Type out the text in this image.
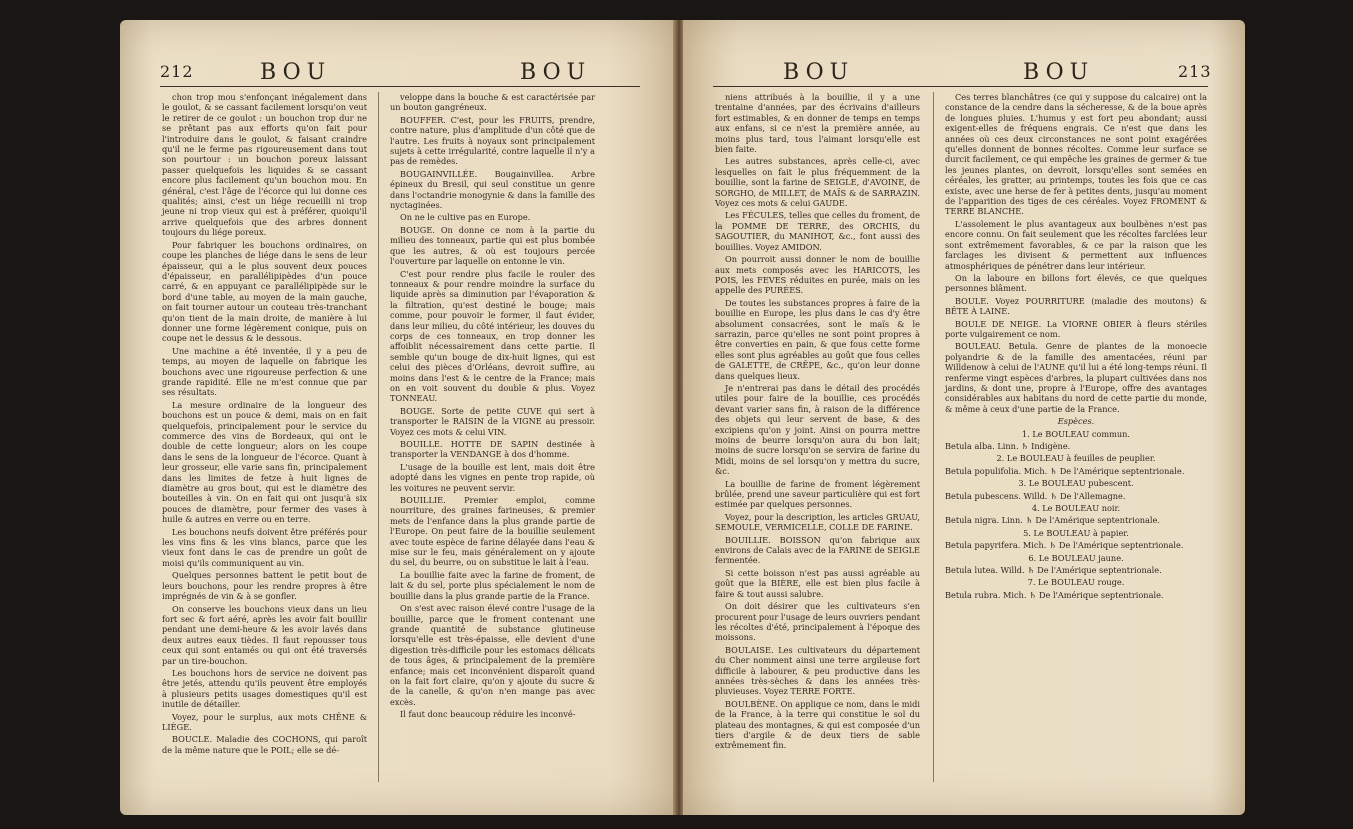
212	BOU	BOU

chon trop mou s'enfonçant inégalement dans le goulot, & se cassant facilement lorsqu'on veut le retirer de ce goulot : un bouchon trop dur ne se prêtant pas aux efforts qu'on fait pour l'introduire dans le goulot, & faisant craindre qu'il ne le ferme pas rigoureusement dans tout son pourtour : un bouchon poreux laissant passer quelquefois les liquides & se cassant encore plus facilement qu'un bouchon mou. En général, c'est l'âge de l'écorce qui lui donne ces qualités; ainsi, c'est un liége recueilli ni trop jeune ni trop vieux qui est à préférer, quoiqu'il arrive quelquefois que des arbres donnent toujours du liége poreux.

Pour fabriquer les bouchons ordinaires, on coupe les planches de liége dans le sens de leur épaisseur, qui a le plus souvent deux pouces d'épaisseur, en parallélipipèdes d'un pouce carré, & en appuyant ce parallélipipède sur le bord d'une table, au moyen de la main gauche, on fait tourner autour un couteau très-tranchant qu'on tient de la main droite, de manière à lui donner une forme légèrement conique, puis on coupe net le dessus & le dessous.

Une machine a été inventée, il y a peu de temps, au moyen de laquelle on fabrique les bouchons avec une rigoureuse perfection & une grande rapidité. Elle ne m'est connue que par ses résultats.

La mesure ordinaire de la longueur des bouchons est un pouce & demi, mais on en fait quelquefois, principalement pour le service du commerce des vins de Bordeaux, qui ont le double de cette longueur; alors on les coupe dans le sens de la longueur de l'écorce. Quant à leur grosseur, elle varie sans fin, principalement dans les limites de fetze à huit lignes de diamètre au gros bout, qui est le diamètre des bouteilles à vin. On en fait qui ont jusqu'à six pouces de diamètre, pour fermer des vases à huile & autres en verre ou en terre.

Les bouchons neufs doivent être préférés pour les vins fins & les vins blancs, parce que les vieux font dans le cas de prendre un goût de moisi qu'ils communiquent au vin.

Quelques personnes battent le petit bout de leurs bouchons, pour les rendre propres à être imprégnés de vin & à se gonfler.

On conserve les bouchons vieux dans un lieu fort sec & fort aéré, après les avoir fait bouillir pendant une demi-heure & les avoir lavés dans deux autres eaux tièdes. Il faut repousser tous ceux qui sont entamés ou qui ont été traversés par un tire-bouchon.

Les bouchons hors de service ne doivent pas être jetés, attendu qu'ils peuvent être employés à plusieurs petits usages domestiques qu'il est inutile de détailler.

Voyez, pour le surplus, aux mots CHÊNE & LIÉGE.

BOUCLE. Maladie des COCHONS, qui paroît de la même nature que le POIL; elle se dé-

veloppe dans la bouche & est caractérisée par un bouton gangréneux.

BOUFFER. C'est, pour les FRUITS, prendre, contre nature, plus d'amplitude d'un côté que de l'autre. Les fruits à noyaux sont principalement sujets à cette irrégularité, contre laquelle il n'y a pas de remèdes.

BOUGAINVILLÉE. Bougainvillea. Arbre épineux du Bresil, qui seul constitue un genre dans l'octandrie monogynie & dans la famille des nyctaginées.

On ne le cultive pas en Europe.

BOUGE. On donne ce nom à la partie du milieu des tonneaux, partie qui est plus bombée que les autres, & où est toujours percée l'ouverture par laquelle on entonne le vin.

C'est pour rendre plus facile le rouler des tonneaux & pour rendre moindre la surface du liquide après sa diminution par l'évaporation & la filtration, qu'est destiné le bouge; mais comme, pour pouvoir le former, il faut évider, dans leur milieu, du côté intérieur, les douves du corps de ces tonneaux, en trop donner les affoiblit nécessairement dans cette partie. Il semble qu'un bouge de dix-huit lignes, qui est celui des pièces d'Orléans, devroit suffire, au moins dans l'est & le centre de la France; mais on en voit souvent du double & plus. Voyez TONNEAU.

BOUGE. Sorte de petite CUVE qui sert à transporter le RAISIN de la VIGNE au pressoir. Voyez ces mots & celui VIN.

BOUILLE. HOTTE DE SAPIN destinée à transporter la VENDANGE à dos d'homme.

L'usage de la bouille est lent, mais doit être adopté dans les vignes en pente trop rapide, où les voitures ne peuvent servir.

BOUILLIE. Premier emploi, comme nourriture, des graines farineuses, & premier mets de l'enfance dans la plus grande partie de l'Europe. On peut faire de la bouillie seulement avec toute espèce de farine délayée dans l'eau & mise sur le feu, mais généralement on y ajoute du sel, du beurre, ou on substitue le lait à l'eau.

La bouillie faite avec la farine de froment, de lait & du sel, porte plus spécialement le nom de bouillie dans la plus grande partie de la France.

On s'est avec raison élevé contre l'usage de la bouillie, parce que le froment contenant une grande quantité de substance glutineuse lorsqu'elle est très-épaisse, elle devient d'une digestion très-difficile pour les estomacs délicats de tous âges, & principalement de la première enfance; mais cet inconvénient disparoît quand on la fait fort claire, qu'on y ajoute du sucre & de la canelle, & qu'on n'en mange pas avec excès.

Il faut donc beaucoup réduire les inconvé-

BOU	BOU	213

niens attribués à la bouillie, il y a une trentaine d'années, par des écrivains d'ailleurs fort estimables, & en donner de temps en temps aux enfans, si ce n'est la première année, au moins plus tard, tous l'aimant lorsqu'elle est bien faite.

Les autres substances, après celle-ci, avec lesquelles on fait le plus fréquemment de la bouillie, sont la farine de SEIGLE, d'AVOINE, de SORGHO, de MILLET, de MAÏS & de SARRAZIN. Voyez ces mots & celui GAUDE.

Les FÉCULES, telles que celles du froment, de la POMME DE TERRE, des ORCHIS, du SAGOUTIER, du MANIHOT, &c., font aussi des bouillies. Voyez AMIDON.

On pourroit aussi donner le nom de bouillie aux mets composés avec les HARICOTS, les POIS, les FEVES réduites en purée, mais on les appelle des PURÉES.

De toutes les substances propres à faire de la bouillie en Europe, les plus dans le cas d'y être absolument consacrées, sont le maïs & le sarrazin, parce qu'elles ne sont point propres à être converties en pain, & que fous cette forme elles sont plus agréables au goût que fous celles de GALETTE, de CRÊPE, &c., qu'on leur donne dans quelques lieux.

Je n'entrerai pas dans le détail des procédés utiles pour faire de la bouillie, ces procédés devant varier sans fin, à raison de la différence des objets qui leur servent de base, & des excipiens qu'on y joint. Ainsi on pourra mettre moins de beurre lorsqu'on aura du bon lait; moins de sucre lorsqu'on se servira de farine du Midi, moins de sel lorsqu'on y mettra du sucre, &c.

La bouillie de farine de froment légèrement brûlée, prend une saveur particulière qui est fort estimée par quelques personnes.

Voyez, pour la description, les articles GRUAU, SEMOULE, VERMICELLE, COLLE DE FARINE.

BOUILLIE. BOISSON qu'on fabrique aux environs de Calais avec de la FARINE de SEIGLE fermentée.

Si cette boisson n'est pas aussi agréable au goût que la BIÈRE, elle est bien plus facile à faire & tout aussi salubre.

On doit désirer que les cultivateurs s'en procurent pour l'usage de leurs ouvriers pendant les récoltes d'été, principalement à l'époque des moissons.

BOULAISE. Les cultivateurs du département du Cher nomment ainsi une terre argileuse fort difficile à labourer, & peu productive dans les années très-sèches & dans les années très-pluvieuses. Voyez TERRE FORTE.

BOULBÈNE. On applique ce nom, dans le midi de la France, à la terre qui constitue le sol du plateau des montagnes, & qui est composée d'un tiers d'argile & de deux tiers de sable extrêmement fin.

Ces terres blanchâtres (ce qui y suppose du calcaire) ont la constance de la cendre dans la sécheresse, & de la boue après de longues pluies. L'humus y est fort peu abondant; aussi exigent-elles de fréquens engrais. Ce n'est que dans les années où ces deux circonstances ne sont point exagérées qu'elles donnent de bonnes récoltes. Comme leur surface se durcit facilement, ce qui empêche les graines de germer & tue les jeunes plantes, on devroit, lorsqu'elles sont semées en céréales, les gratter, au printemps, toutes les fois que ce cas existe, avec une herse de fer à petites dents, jusqu'au moment de l'apparition des tiges de ces céréales. Voyez FROMENT & TERRE BLANCHE.

L'assolement le plus avantageux aux boulbènes n'est pas encore connu. On fait seulement que les récoltes farclées leur sont extrêmement favorables, & ce par la raison que les farclages les divisent & permettent aux influences atmosphériques de pénétrer dans leur intérieur.

On la laboure en billons fort élevés, ce que quelques personnes blâment.

BOULE. Voyez POURRITURE (maladie des moutons) & BÊTE À LAINE.

BOULE DE NEIGE. La VIORNE OBIER à fleurs stériles porte vulgairement ce nom.

BOULEAU. Betula. Genre de plantes de la monoecie polyandrie & de la famille des amentacées, réuni par Willdenow à celui de l'AUNE qu'il lui a été long-temps réuni. Il renferme vingt espèces d'arbres, la plupart cultivées dans nos jardins, & dont une, propre à l'Europe, offre des avantages considérables aux habitans du nord de cette partie du monde, & même à ceux d'une partie de la France.

Espèces.

1. Le BOULEAU commun.
Betula alba. Linn. ♄ Indigène.
2. Le BOULEAU à feuilles de peuplier.
Betula populifolia. Mich. ♄ De l'Amérique septentrionale.
3. Le BOULEAU pubescent.
Betula pubescens. Willd. ♄ De l'Allemagne.
4. Le BOULEAU noir.
Betula nigra. Linn. ♄ De l'Amérique septentrionale.
5. Le BOULEAU à papier.
Betula papyrifera. Mich. ♄ De l'Amérique septentrionale.
6. Le BOULEAU jaune.
Betula lutea. Willd. ♄ De l'Amérique septentrionale.
7. Le BOULEAU rouge.
Betula rubra. Mich. ♄ De l'Amérique septentrionale.
